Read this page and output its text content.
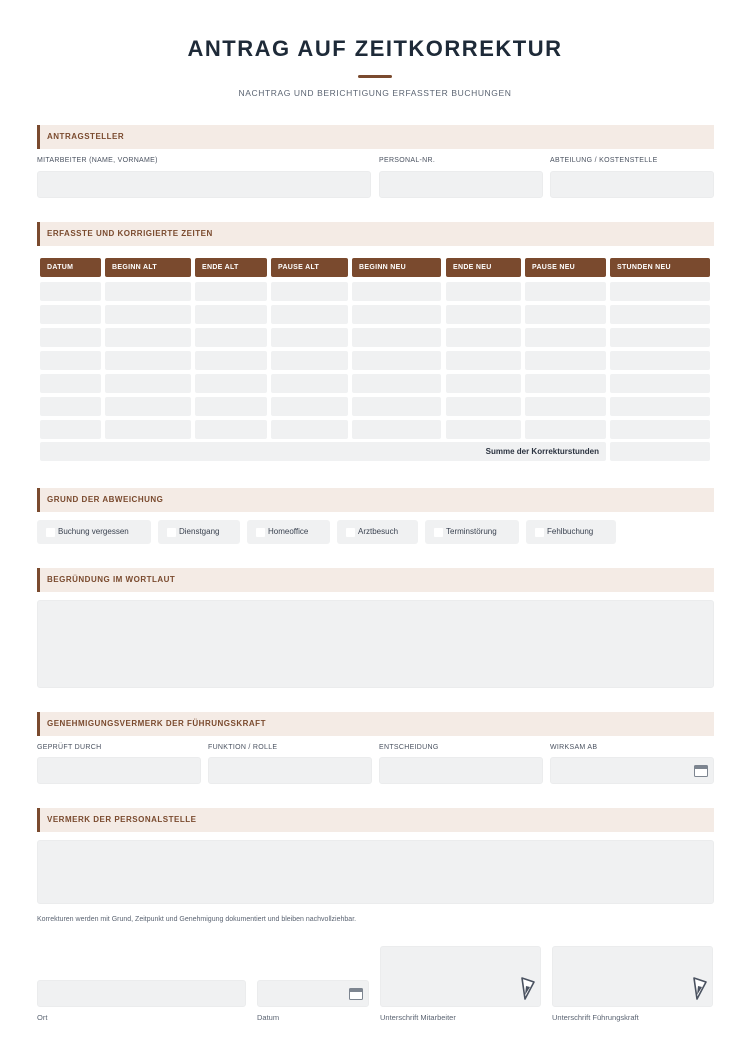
ANTRAG AUF ZEITKORREKTUR
NACHTRAG UND BERICHTIGUNG ERFASSTER BUCHUNGEN
ANTRAGSTELLER
MITARBEITER (NAME, VORNAME)	PERSONAL-NR.	ABTEILUNG / KOSTENSTELLE
ERFASSTE UND KORRIGIERTE ZEITEN
DATUM	BEGINN ALT	ENDE ALT	PAUSE ALT	BEGINN NEU	ENDE NEU	PAUSE NEU	STUNDEN NEU
Summe der Korrekturstunden
GRUND DER ABWEICHUNG
Buchung vergessen	Dienstgang	Homeoffice	Arztbesuch	Terminstörung	Fehlbuchung
BEGRÜNDUNG IM WORTLAUT
GENEHMIGUNGSVERMERK DER FÜHRUNGSKRAFT
GEPRÜFT DURCH	FUNKTION / ROLLE	ENTSCHEIDUNG	WIRKSAM AB
VERMERK DER PERSONALSTELLE
Korrekturen werden mit Grund, Zeitpunkt und Genehmigung dokumentiert und bleiben nachvollziehbar.
Ort	Datum	Unterschrift Mitarbeiter	Unterschrift Führungskraft
